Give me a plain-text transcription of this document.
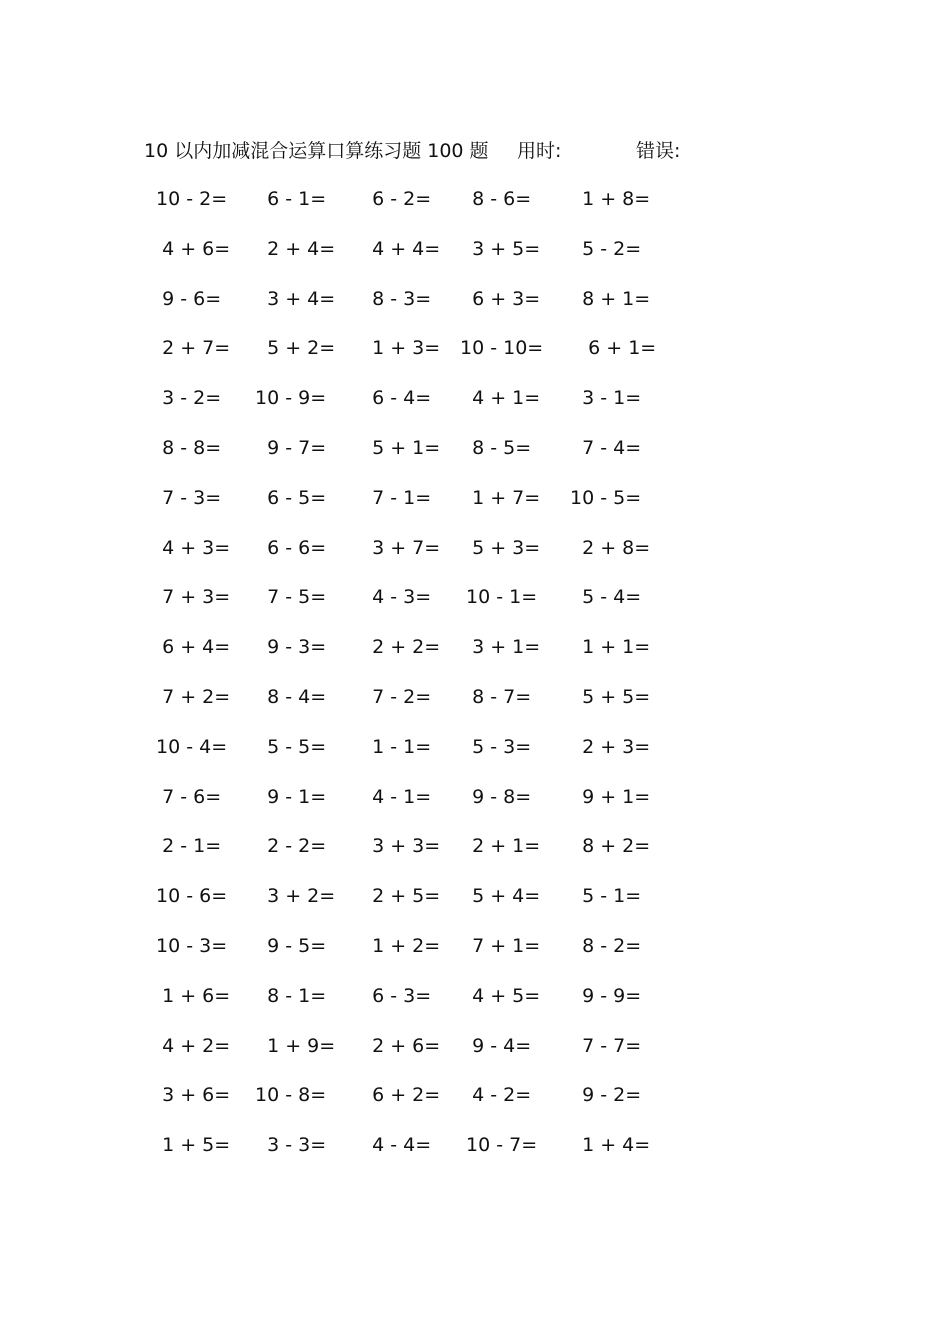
10 以内加减混合运算口算练习题 100 题 用时:	错误:
10 - 2= 6 - 1= 6 - 2= 8 - 6= 1 + 8=
4 + 6= 2 + 4= 4 + 4= 3 + 5= 5 - 2=
9 - 6= 3 + 4= 8 - 3= 6 + 3= 8 + 1=
2 + 7= 5 + 2= 1 + 3= 10 - 10= 6 + 1=
3 - 2= 10 - 9= 6 - 4= 4 + 1= 3 - 1=
8 - 8= 9 - 7= 5 + 1= 8 - 5= 7 - 4=
7 - 3= 6 - 5= 7 - 1= 1 + 7= 10 - 5=
4 + 3= 6 - 6= 3 + 7= 5 + 3= 2 + 8=
7 + 3= 7 - 5= 4 - 3= 10 - 1= 5 - 4=
6 + 4= 9 - 3= 2 + 2= 3 + 1= 1 + 1=
7 + 2= 8 - 4= 7 - 2= 8 - 7= 5 + 5=
10 - 4= 5 - 5= 1 - 1= 5 - 3= 2 + 3=
7 - 6= 9 - 1= 4 - 1= 9 - 8= 9 + 1=
2 - 1= 2 - 2= 3 + 3= 2 + 1= 8 + 2=
10 - 6= 3 + 2= 2 + 5= 5 + 4= 5 - 1=
10 - 3= 9 - 5= 1 + 2= 7 + 1= 8 - 2=
1 + 6= 8 - 1= 6 - 3= 4 + 5= 9 - 9=
4 + 2= 1 + 9= 2 + 6= 9 - 4= 7 - 7=
3 + 6= 10 - 8= 6 + 2= 4 - 2= 9 - 2=
1 + 5= 3 - 3= 4 - 4= 10 - 7= 1 + 4=
